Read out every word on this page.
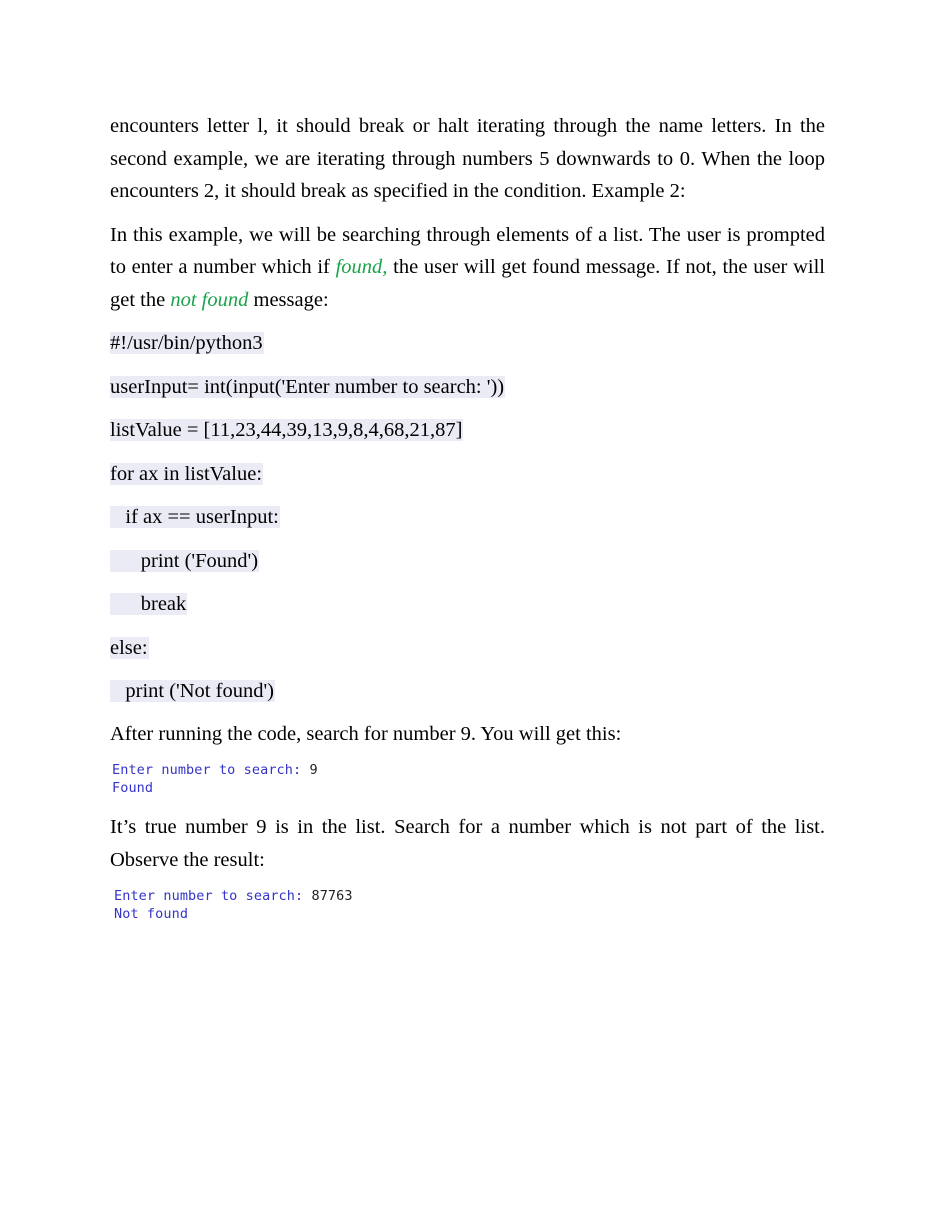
encounters letter l, it should break or halt iterating through the name letters. In the second example, we are iterating through numbers 5 downwards to 0. When the loop encounters 2, it should break as specified in the condition. Example 2:

In this example, we will be searching through elements of a list. The user is prompted to enter a number which if found, the user will get found message. If not, the user will get the not found message:

#!/usr/bin/python3
userInput= int(input('Enter number to search: '))
listValue = [11,23,44,39,13,9,8,4,68,21,87]
for ax in listValue:
if ax == userInput:
print ('Found')
break
else:
print ('Not found')

After running the code, search for number 9. You will get this:

Enter number to search: 9
Found

It’s true number 9 is in the list. Search for a number which is not part of the list. Observe the result:

Enter number to search: 87763
Not found
